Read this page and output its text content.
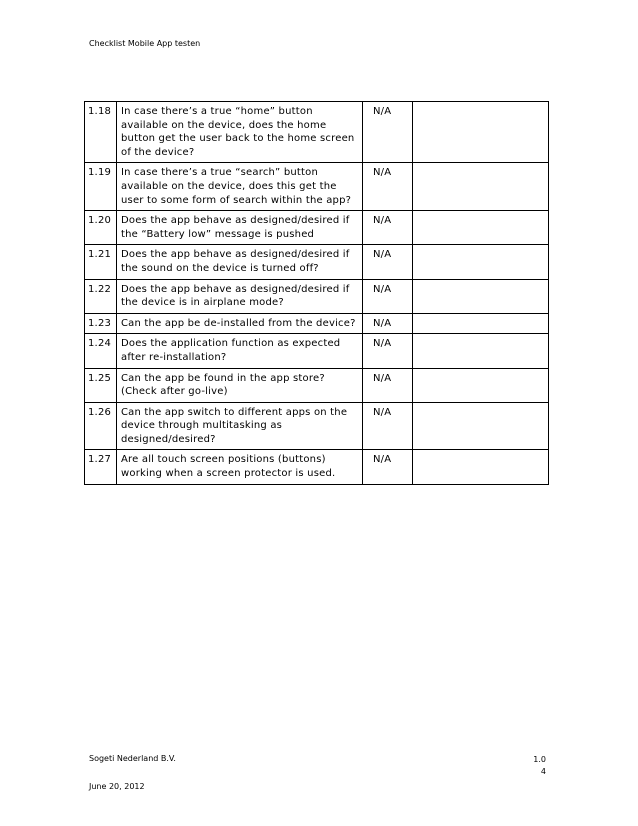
Checklist Mobile App testen
1.18	In case there’s a true “home” button available on the device, does the home button get the user back to the home screen of the device?	N/A	
1.19	In case there’s a true “search” button available on the device, does this get the user to some form of search within the app?	N/A	
1.20	Does the app behave as designed/desired if the “Battery low” message is pushed	N/A	
1.21	Does the app behave as designed/desired if the sound on the device is turned off?	N/A	
1.22	Does the app behave as designed/desired if the device is in airplane mode?	N/A	
1.23	Can the app be de-installed from the device?	N/A	
1.24	Does the application function as expected after re-installation?	N/A	
1.25	Can the app be found in the app store? (Check after go-live)	N/A	
1.26	Can the app switch to different apps on the device through multitasking as designed/desired?	N/A	
1.27	Are all touch screen positions (buttons) working when a screen protector is used.	N/A	
Sogeti Nederland B.V.	1.0
4
June 20, 2012
